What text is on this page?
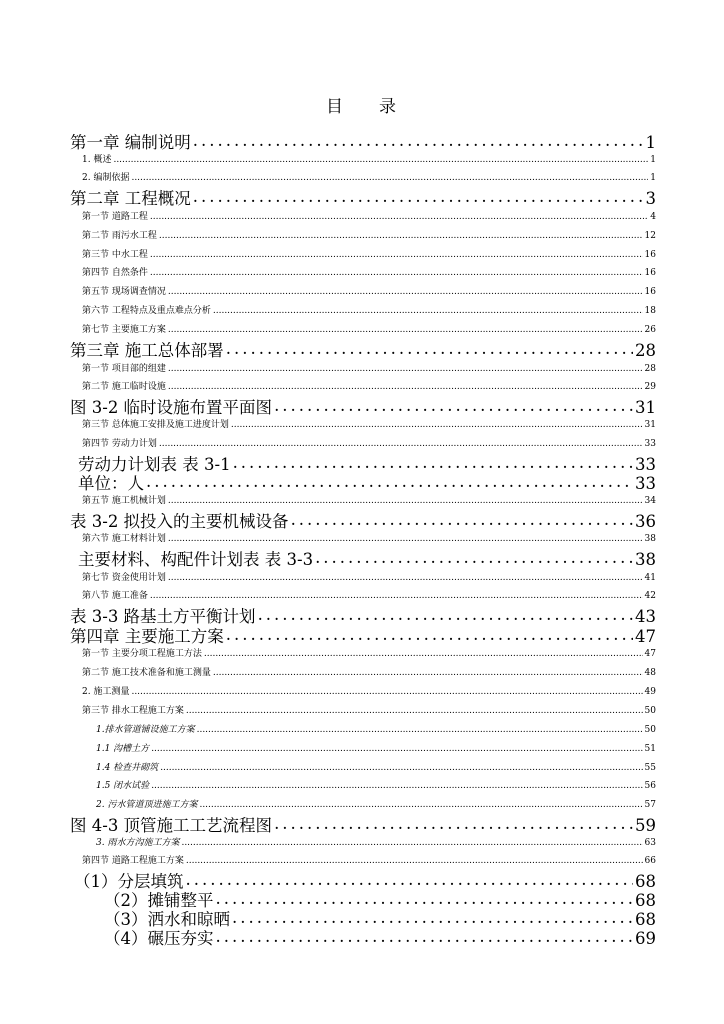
目 录
第一章 编制说明 .....	1
1. 概述 .....	1
2. 编制依据 .....	1
第二章 工程概况 .....	3
第一节 道路工程 .....	4
第二节 雨污水工程 .....	12
第三节 中水工程 .....	16
第四节 自然条件 .....	16
第五节 现场调查情况 .....	16
第六节 工程特点及重点难点分析 .....	18
第七节 主要施工方案 .....	26
第三章 施工总体部署 .....	28
第一节 项目部的组建 .....	28
第二节 施工临时设施 .....	29
图 3-2 临时设施布置平面图 .....	31
第三节 总体施工安排及施工进度计划 .....	31
第四节 劳动力计划 .....	33
劳动力计划表 表 3-1 .....	33
单位：人 .....	33
第五节 施工机械计划 .....	34
表 3-2 拟投入的主要机械设备 .....	36
第六节 施工材料计划 .....	38
主要材料、构配件计划表 表 3-3 .....	38
第七节 资金使用计划 .....	41
第八节 施工准备 .....	42
表 3-3 路基土方平衡计划 .....	43
第四章 主要施工方案 .....	47
第一节 主要分项工程施工方法 .....	47
第二节 施工技术准备和施工测量 .....	48
2. 施工测量 .....	49
第三节 排水工程施工方案 .....	50
1.排水管道铺设施工方案 .....	50
1.1 沟槽土方 .....	51
1.4 检查井砌筑 .....	55
1.5 闭水试验 .....	56
2. 污水管道顶进施工方案 .....	57
图 4-3 顶管施工工艺流程图 .....	59
3. 雨水方沟施工方案 .....	63
第四节 道路工程施工方案 .....	66
（1）分层填筑 .....	68
（2）摊铺整平 .....	68
（3）洒水和晾晒 .....	68
（4）碾压夯实 .....	69
